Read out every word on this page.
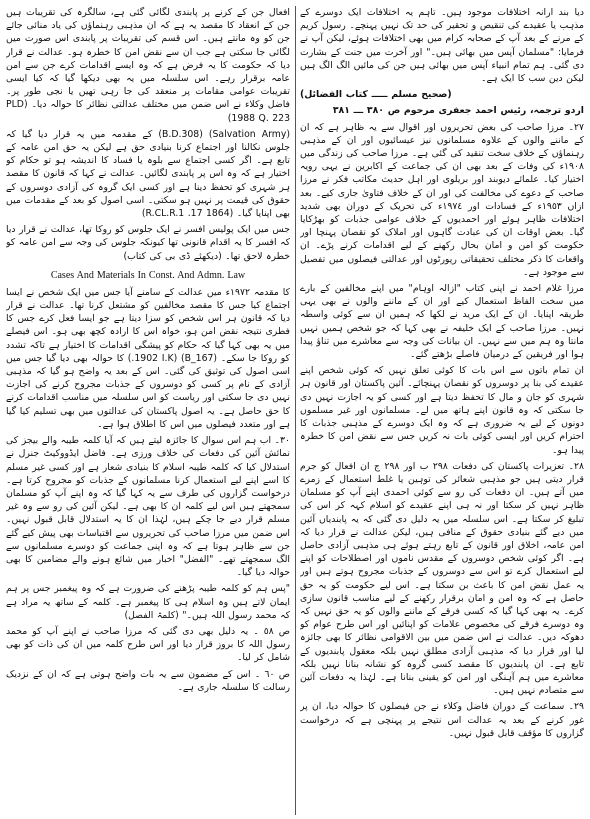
دیا بند ارانہ اختلافات موجود ہیں۔ تاہم یہ اختلافات ایک دوسرے کے مذہب یا عقیدے کی تنقیص و تحقیر کی حد تک نہیں پہنچے۔ رسول کریم کے مرنے کے بعد آپ کے صحابہ کرام میں بھی اختلافات ہوئے، لیکن آپ نے فرمایا: "مسلمان آپس میں بھائی ہیں۔" اور آخرت میں جنت کے بشارت دی گئی۔ ہم تمام انبیاء آپس میں بھائی ہیں جن کی مائیں الگ الگ ہیں لیکن دین سب کا ایک ہے۔

(صحیح مسلم ـــــ کتاب الفضائل)

اردو ترجمہ، رئیس احمد جعفری مرحوم ص ٣٨٠ ـــ ٣٨١

٢٧۔ مرزا صاحب کی بعض تحریروں اور اقوال سے یہ ظاہر ہے کہ ان کے ماننے والوں کے علاوہ مسلمانوں نیز عیسائیوں اور ان کے مذہبی رہنماؤں کے خلاف سخت تنقید کی گئی ہے۔ مرزا صاحب کی زندگی میں ١٩٠٨ء کی وفات کے بعد بھی ان کی جماعت کے اکابرین نے یہی رویہ اختیار کیا۔ علمائے دیوبند اور بریلوی اور اہل حدیث مکاتب فکر نے مرزا صاحب کے دعوے کی مخالفت کی اور ان کے خلاف فتاویٰ جاری کیے۔ بعد ازاں ١٩٥٣ء کے فسادات اور ١٩٧٤ء کی تحریک کے دوران بھی شدید اختلافات ظاہر ہوئے اور احمدیوں کے خلاف عوامی جذبات کو بھڑکایا گیا۔ بعض اوقات ان کی عبادت گاہوں اور املاک کو نقصان پہنچا اور حکومت کو امن و امان بحال رکھنے کے لیے اقدامات کرنے پڑے۔ ان واقعات کا ذکر مختلف تحقیقاتی رپورٹوں اور عدالتی فیصلوں میں تفصیل سے موجود ہے۔

مرزا غلام احمد نے اپنی کتاب "ازالہ اوہام" میں اپنے مخالفین کے بارے میں سخت الفاظ استعمال کیے اور ان کے ماننے والوں نے بھی یہی طریقہ اپنایا۔ ان کے ایک مرید نے لکھا کہ ہمیں ان سے کوئی واسطہ نہیں۔ مرزا صاحب کے ایک خلیفہ نے بھی کہا کہ جو شخص ہمیں نہیں مانتا وہ ہم میں سے نہیں۔ ان بیانات کی وجہ سے معاشرے میں تناؤ پیدا ہوا اور فریقین کے درمیان فاصلے بڑھتے گئے۔

ان تمام باتوں سے اس بات کا کوئی تعلق نہیں کہ کوئی شخص اپنے عقیدے کی بنا پر دوسروں کو نقصان پہنچائے۔ آئین پاکستان اور قانون ہر شہری کو جان و مال کا تحفظ دیتا ہے اور کسی کو یہ اجازت نہیں دی جا سکتی کہ وہ قانون اپنے ہاتھ میں لے۔ مسلمانوں اور غیر مسلموں دونوں کے لیے یہ ضروری ہے کہ وہ ایک دوسرے کے مذہبی جذبات کا احترام کریں اور ایسی کوئی بات نہ کریں جس سے نقض امن کا خطرہ پیدا ہو۔

٢٨۔ تعزیرات پاکستان کی دفعات ٢٩٨ ب اور ٢٩٨ ج ان افعال کو جرم قرار دیتی ہیں جو مذہبی شعائر کی توہین یا غلط استعمال کے زمرے میں آتے ہیں۔ ان دفعات کی رو سے کوئی احمدی اپنے آپ کو مسلمان ظاہر نہیں کر سکتا اور نہ ہی اپنے عقیدے کو اسلام کہہ کر اس کی تبلیغ کر سکتا ہے۔ اس سلسلہ میں یہ دلیل دی گئی کہ یہ پابندیاں آئین میں دیے گئے بنیادی حقوق کے منافی ہیں، لیکن عدالت نے قرار دیا کہ امن عامہ، اخلاق اور قانون کے تابع رہتے ہوئے ہی مذہبی آزادی حاصل ہے۔ اگر کوئی شخص دوسروں کے مقدس ناموں اور اصطلاحات کو اپنے لیے استعمال کرے تو اس سے دوسروں کے جذبات مجروح ہوتے ہیں اور یہ عمل نقض امن کا باعث بن سکتا ہے۔ اس لیے حکومت کو یہ حق حاصل ہے کہ وہ امن و امان برقرار رکھنے کے لیے مناسب قانون سازی کرے۔ یہ بھی کہا گیا کہ کسی فرقے کے ماننے والوں کو یہ حق نہیں کہ وہ دوسرے فرقے کی مخصوص علامات کو اپنائیں اور اس طرح عوام کو دھوکہ دیں۔ عدالت نے اس ضمن میں بین الاقوامی نظائر کا بھی جائزہ لیا اور قرار دیا کہ مذہبی آزادی مطلق نہیں بلکہ معقول پابندیوں کے تابع ہے۔ ان پابندیوں کا مقصد کسی گروہ کو نشانہ بنانا نہیں بلکہ معاشرے میں ہم آہنگی اور امن کو یقینی بنانا ہے۔ لہٰذا یہ دفعات آئین سے متصادم نہیں ہیں۔

٢٩۔ سماعت کے دوران فاضل وکلاء نے جن فیصلوں کا حوالہ دیا، ان پر غور کرنے کے بعد یہ عدالت اس نتیجے پر پہنچی ہے کہ درخواست گزاروں کا مؤقف قابل قبول نہیں۔

افعال جن کے کرنے پر پابندی لگائی گئی ہے، سالگرہ کی تقریبات ہیں جن کے انعقاد کا مقصد یہ ہے کہ ان مذہبی رہنماؤں کی یاد منائی جائے جن کو وہ مانتے ہیں۔ اس قسم کی تقریبات پر پابندی اس صورت میں لگائی جا سکتی ہے جب ان سے نقض امن کا خطرہ ہو۔ عدالت نے قرار دیا کہ حکومت کا یہ فرض ہے کہ وہ ایسے اقدامات کرے جن سے امن عامہ برقرار رہے۔ اس سلسلہ میں یہ بھی دیکھا گیا کہ کیا ایسی تقریبات عوامی مقامات پر منعقد کی جا رہی تھیں یا نجی طور پر۔ فاضل وکلاء نے اس ضمن میں مختلف عدالتی نظائر کا حوالہ دیا۔ (PLD 1988 Q. 223)

(Salvation Army) (B.D.308) کے مقدمہ میں یہ قرار دیا گیا کہ جلوس نکالنا اور اجتماع کرنا بنیادی حق ہے لیکن یہ حق امن عامہ کے تابع ہے۔ اگر کسی اجتماع سے بلوہ یا فساد کا اندیشہ ہو تو حکام کو اختیار ہے کہ وہ اس پر پابندی لگائیں۔ عدالت نے کہا کہ قانون کا مقصد ہر شہری کو تحفظ دینا ہے اور کسی ایک گروہ کی آزادی دوسروں کے حقوق کی قیمت پر نہیں ہو سکتی۔ اسی اصول کو بعد کے مقدمات میں بھی اپنایا گیا۔ (1864 17. R.CL.R.1)

جس میں ایک پولیس افسر نے ایک جلوس کو روکا تھا، عدالت نے قرار دیا کہ افسر کا یہ اقدام قانونی تھا کیونکہ جلوس کی وجہ سے امن عامہ کو خطرہ لاحق تھا۔ (دیکھئے ڈی بی کی کتاب)

Cases And Materials In Const. And Admn. Law

کا مقدمہ ١٩٧٢ء میں عدالت کے سامنے آیا جس میں ایک شخص نے ایسا اجتماع کیا جس کا مقصد مخالفین کو مشتعل کرنا تھا۔ عدالت نے قرار دیا کہ قانون ہر اس شخص کو سزا دیتا ہے جو ایسا فعل کرے جس کا فطری نتیجہ نقض امن ہو، خواہ اس کا ارادہ کچھ بھی ہو۔ اس فیصلے میں یہ بھی کہا گیا کہ حکام کو پیشگی اقدامات کا اختیار ہے تاکہ تشدد کو روکا جا سکے۔ (B_167) (1902 I.K.) کا حوالہ بھی دیا گیا جس میں اسی اصول کی توثیق کی گئی۔ اس کے بعد یہ واضح ہو گیا کہ مذہبی آزادی کے نام پر کسی کو دوسروں کے جذبات مجروح کرنے کی اجازت نہیں دی جا سکتی اور ریاست کو اس سلسلہ میں مناسب اقدامات کرنے کا حق حاصل ہے۔ یہ اصول پاکستان کی عدالتوں میں بھی تسلیم کیا گیا ہے اور متعدد فیصلوں میں اس کا اطلاق ہوا ہے۔

٣٠۔ اب ہم اس سوال کا جائزہ لیتے ہیں کہ آیا کلمہ طیبہ والے بیجز کی نمائش آئین کی دفعات کی خلاف ورزی ہے۔ فاضل ایڈووکیٹ جنرل نے استدلال کیا کہ کلمہ طیبہ اسلام کا بنیادی شعار ہے اور کسی غیر مسلم کا اسے اپنے لیے استعمال کرنا مسلمانوں کے جذبات کو مجروح کرتا ہے۔ درخواست گزاروں کی طرف سے یہ کہا گیا کہ وہ اپنے آپ کو مسلمان سمجھتے ہیں اس لیے کلمہ ان کا بھی ہے۔ لیکن آئین کی رو سے وہ غیر مسلم قرار دیے جا چکے ہیں، لہٰذا ان کا یہ استدلال قابل قبول نہیں۔ اس ضمن میں مرزا صاحب کی تحریروں سے اقتباسات بھی پیش کیے گئے جن سے ظاہر ہوتا ہے کہ وہ اپنی جماعت کو دوسرے مسلمانوں سے الگ سمجھتے تھے۔ "الفضل" اخبار میں شائع ہونے والے مضامین کا بھی حوالہ دیا گیا۔

"پس ہم کو کلمہ طیبہ پڑھنے کی ضرورت ہے کہ وہ پیغمبر جس پر ہم ایمان لاتے ہیں وہ اسلام ہی کا پیغمبر ہے۔ کلمہ کے ساتھ یہ مراد ہے کہ محمد رسول اللہ ہیں۔" (کلمۃ الفصل)

ص ٥٨ ۔ یہ دلیل بھی دی گئی کہ مرزا صاحب نے اپنے آپ کو محمد رسول اللہ کا بروز قرار دیا اور اس طرح کلمہ میں ان کی ذات کو بھی شامل کر لیا۔

ص ٦٠ ۔ اس کے مضمون سے یہ بات واضح ہوتی ہے کہ ان کے نزدیک رسالت کا سلسلہ جاری ہے۔
